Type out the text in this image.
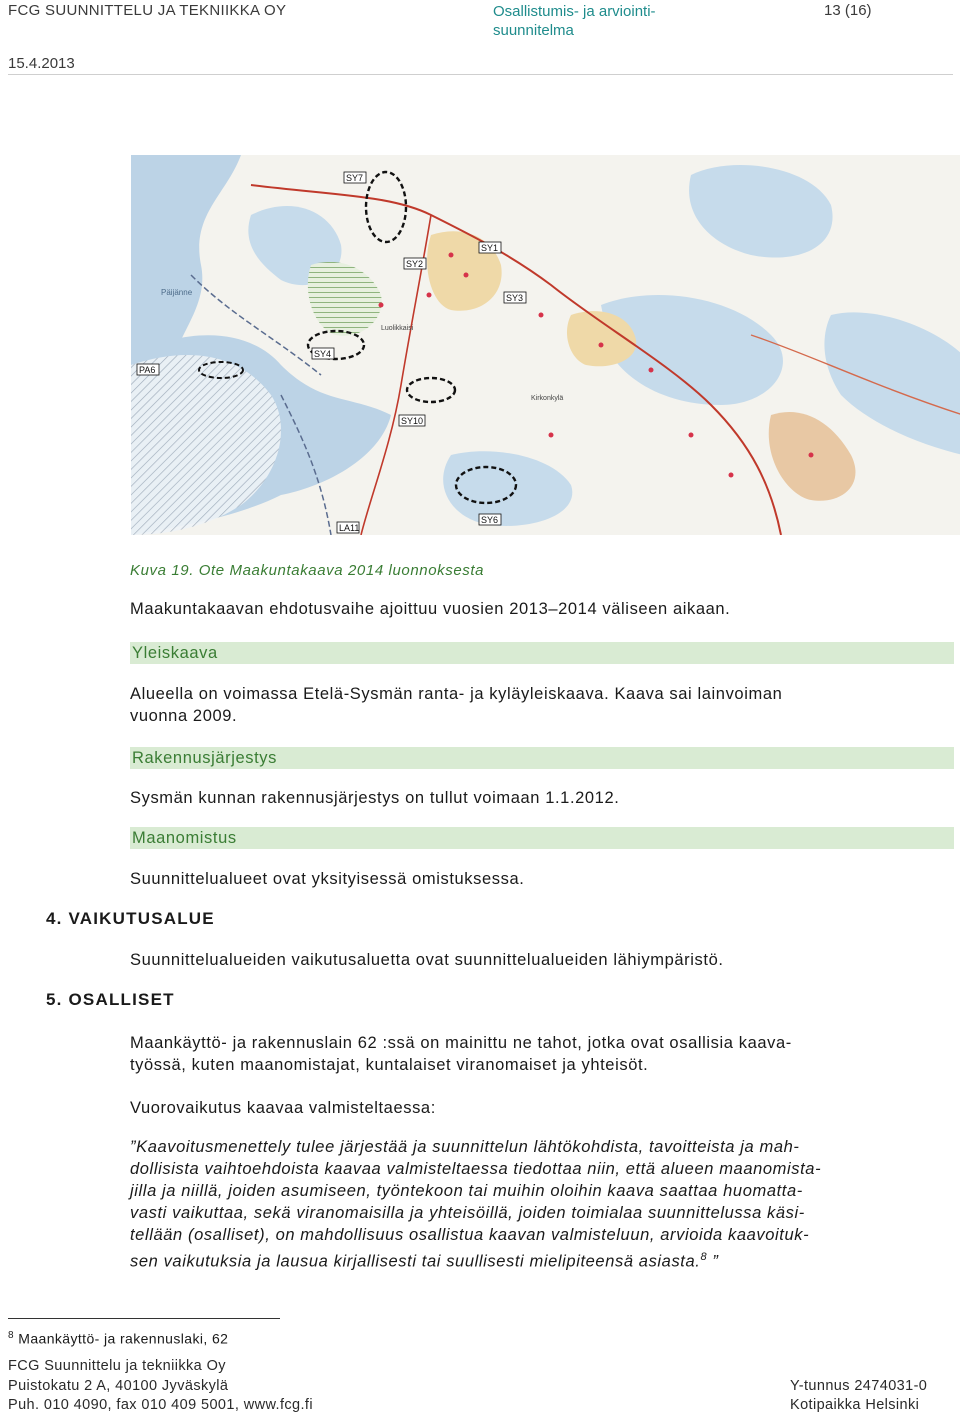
FCG SUUNNITTELU JA TEKNIIKKA OY	Osallistumis- ja arviointi-
suunnitelma
13 (16)
15.4.2013
SY7
SY1
SY2
SY3
SY4
PA6
SY10
SY6
LA11
Päijänne
Luolikkaisi
Kirkonkylä
Kuva 19. Ote Maakuntakaava 2014 luonnoksesta
Maakuntakaavan ehdotusvaihe ajoittuu vuosien 2013–2014 väliseen aikaan.
Yleiskaava
Alueella on voimassa Etelä-Sysmän ranta- ja kyläyleiskaava. Kaava sai lainvoiman
vuonna 2009.
Rakennusjärjestys
Sysmän kunnan rakennusjärjestys on tullut voimaan 1.1.2012.
Maanomistus
Suunnittelualueet ovat yksityisessä omistuksessa.
4. VAIKUTUSALUE
Suunnittelualueiden vaikutusaluetta ovat suunnittelualueiden lähiympäristö.
5. OSALLISET
Maankäyttö- ja rakennuslain 62 :ssä on mainittu ne tahot, jotka ovat osallisia kaava-
työssä, kuten maanomistajat, kuntalaiset viranomaiset ja yhteisöt.
Vuorovaikutus kaavaa valmisteltaessa:
”Kaavoitusmenettely tulee järjestää ja suunnittelun lähtökohdista, tavoitteista ja mah-
dollisista vaihtoehdoista kaavaa valmisteltaessa tiedottaa niin, että alueen maanomista-
jilla ja niillä, joiden asumiseen, työntekoon tai muihin oloihin kaava saattaa huomatta-
vasti vaikuttaa, sekä viranomaisilla ja yhteisöillä, joiden toimialaa suunnittelussa käsi-
tellään (osalliset), on mahdollisuus osallistua kaavan valmisteluun, arvioida kaavoituk-
sen vaikutuksia ja lausua kirjallisesti tai suullisesti mielipiteensä asiasta.$^8$ ”
$^8$ Maankäyttö- ja rakennuslaki, 62
FCG Suunnittelu ja tekniikka Oy
Puistokatu 2 A, 40100 Jyväskylä
Puh. 010 4090, fax 010 409 5001, www.fcg.fi
Y-tunnus 2474031-0
Kotipaikka Helsinki
